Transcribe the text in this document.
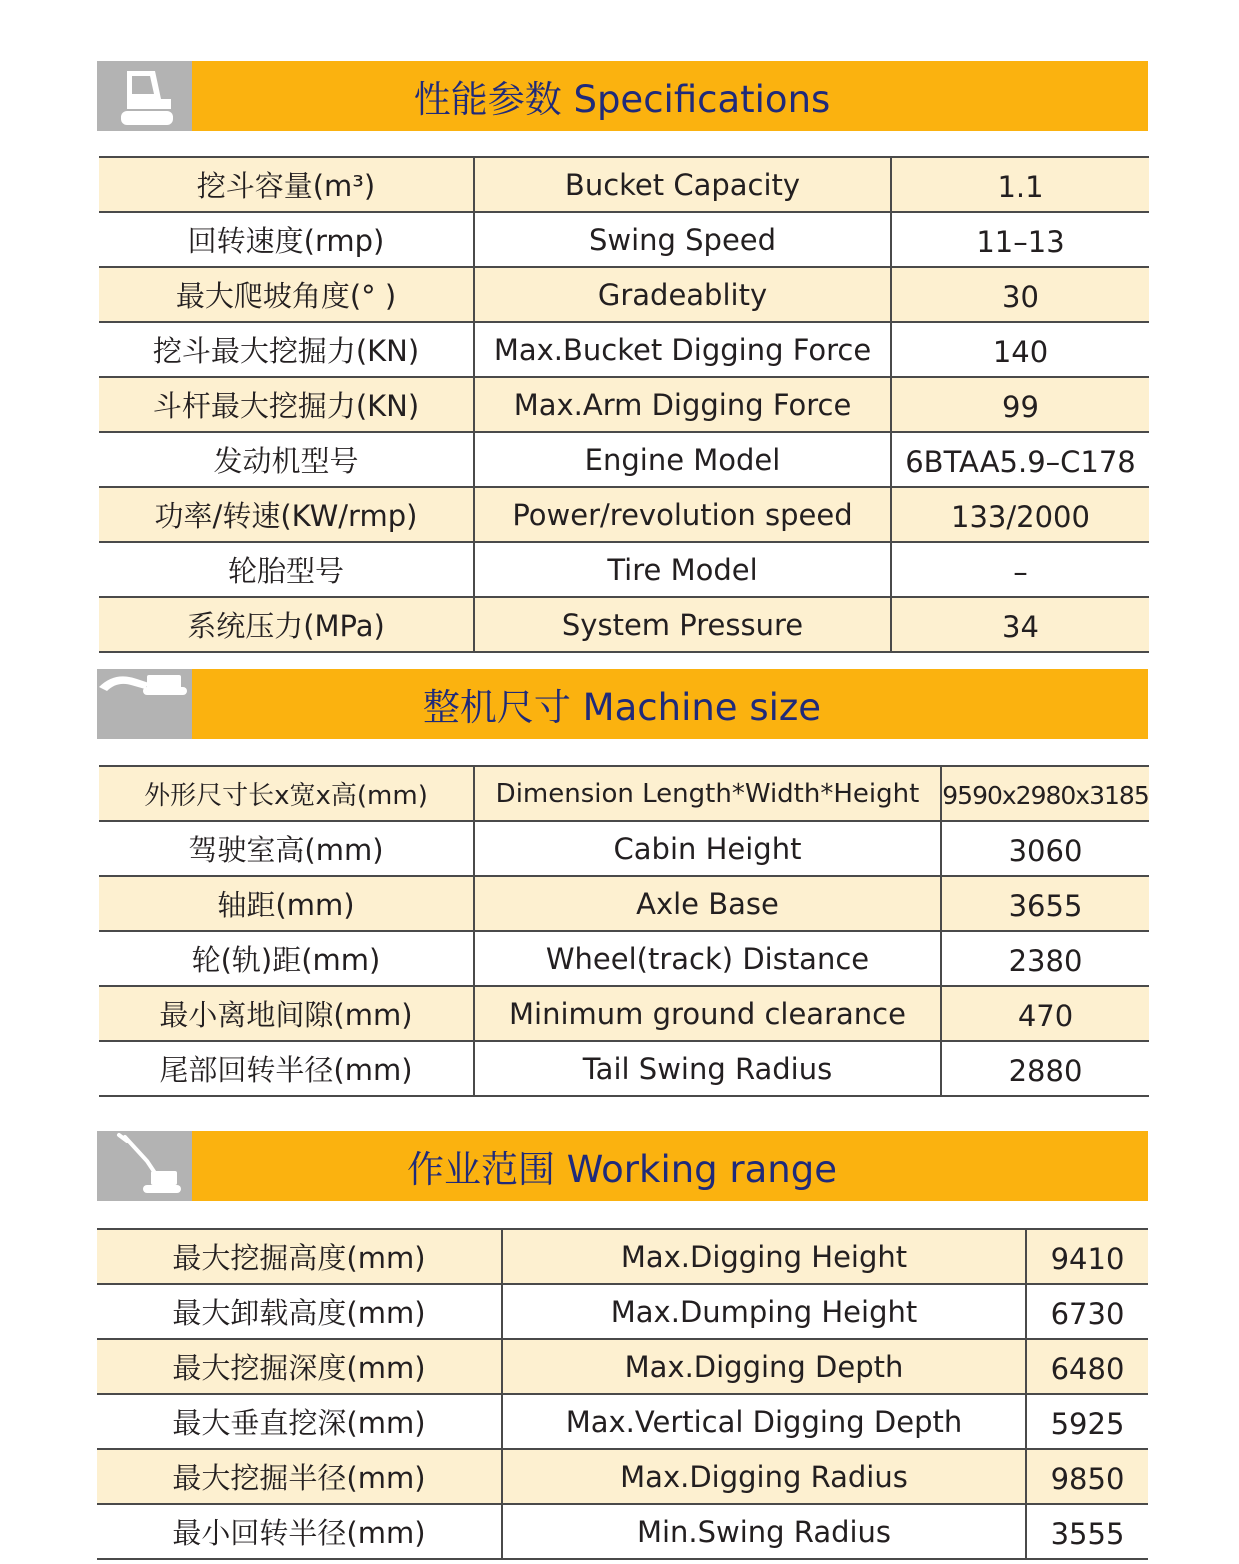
性能参数 Specifications
挖斗容量(m³)	Bucket Capacity	1.1
回转速度(rmp)	Swing Speed	11–13
最大爬坡角度(° )	Gradeablity	30
挖斗最大挖掘力(KN)	Max.Bucket Digging Force	140
斗杆最大挖掘力(KN)	Max.Arm Digging Force	99
发动机型号	Engine Model	6BTAA5.9–C178
功率/转速(KW/rmp)	Power/revolution speed	133/2000
轮胎型号	Tire Model	–
系统压力(MPa)	System Pressure	34
整机尺寸 Machine size
外形尺寸长x宽x高(mm)	Dimension Length*Width*Height	9590x2980x3185
驾驶室高(mm)	Cabin Height	3060
轴距(mm)	Axle Base	3655
轮(轨)距(mm)	Wheel(track) Distance	2380
最小离地间隙(mm)	Minimum ground clearance	470
尾部回转半径(mm)	Tail Swing Radius	2880
作业范围 Working range
最大挖掘高度(mm)	Max.Digging Height	9410
最大卸载高度(mm)	Max.Dumping Height	6730
最大挖掘深度(mm)	Max.Digging Depth	6480
最大垂直挖深(mm)	Max.Vertical Digging Depth	5925
最大挖掘半径(mm)	Max.Digging Radius	9850
最小回转半径(mm)	Min.Swing Radius	3555
